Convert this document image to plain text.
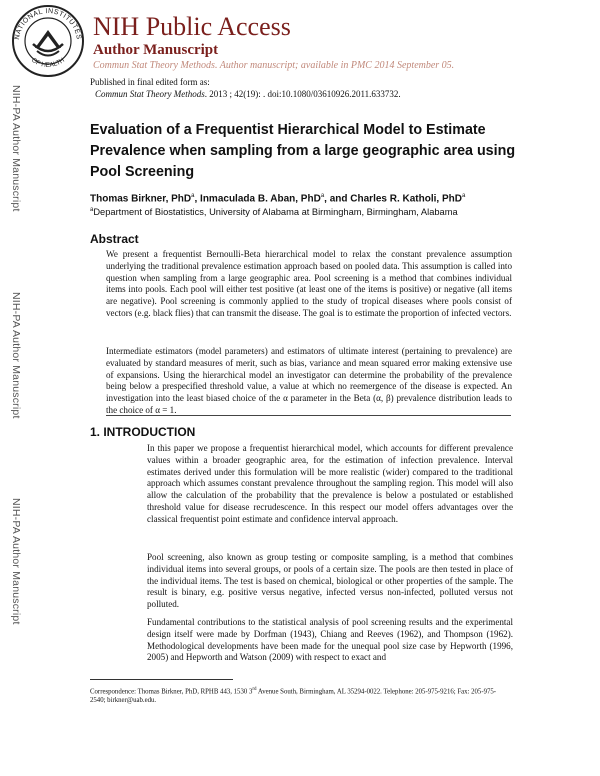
NATIONAL INSTITUTES
OF HEALTH
NIH Public Access
Author Manuscript
Commun Stat Theory Methods. Author manuscript; available in PMC 2014 September 05.
Published in final edited form as:
Commun Stat Theory Methods. 2013 ; 42(19): . doi:10.1080/03610926.2011.633732.
NIH-PA Author Manuscript
NIH-PA Author Manuscript
NIH-PA Author Manuscript
Evaluation of a Frequentist Hierarchical Model to Estimate Prevalence when sampling from a large geographic area using Pool Screening
Thomas Birkner, PhD$^a$, Inmaculada B. Aban, PhD$^a$, and Charles R. Katholi, PhD$^a$
$^a$Department of Biostatistics, University of Alabama at Birmingham, Birmingham, Alabama
Abstract
We present a frequentist Bernoulli-Beta hierarchical model to relax the constant prevalence assumption underlying the traditional prevalence estimation approach based on pooled data. This assumption is called into question when sampling from a large geographic area. Pool screening is a method that combines individual items into pools. Each pool will either test positive (at least one of the items is positive) or negative (all items are negative). Pool screening is commonly applied to the study of tropical diseases where pools consist of vectors (e.g. black flies) that can transmit the disease. The goal is to estimate the proportion of infected vectors.
Intermediate estimators (model parameters) and estimators of ultimate interest (pertaining to prevalence) are evaluated by standard measures of merit, such as bias, variance and mean squared error making extensive use of expansions. Using the hierarchical model an investigator can determine the probability of the prevalence being below a prespecified threshold value, a value at which no reemergence of the disease is expected. An investigation into the least biased choice of the α parameter in the Beta (α, β) prevalence distribution leads to the choice of α = 1.
1. INTRODUCTION
In this paper we propose a frequentist hierarchical model, which accounts for different prevalence values within a broader geographic area, for the estimation of infection prevalence. Interval estimates derived under this formulation will be more realistic (wider) compared to the traditional approach which assumes constant prevalence throughout the sampling region. This model will also allow the calculation of the probability that the prevalence is below a postulated or established threshold value for disease recrudescence. In this respect our model offers advantages over the classical frequentist point estimate and confidence interval approach.
Pool screening, also known as group testing or composite sampling, is a method that combines individual items into several groups, or pools of a certain size. The pools are then tested in place of the individual items. The test is based on chemical, biological or other properties of the sample. The result is binary, e.g. positive versus negative, infected versus non-infected, polluted versus not polluted.
Fundamental contributions to the statistical analysis of pool screening results and the experimental design itself were made by Dorfman (1943), Chiang and Reeves (1962), and Thompson (1962). Methodological developments have been made for the unequal pool size case by Hepworth (1996, 2005) and Hepworth and Watson (2009) with respect to exact and
Correspondence: Thomas Birkner, PhD, RPHB 443, 1530 3rd Avenue South, Birmingham, AL 35294-0022. Telephone: 205-975-9216; Fax: 205-975-2540; birkner@uab.edu.
